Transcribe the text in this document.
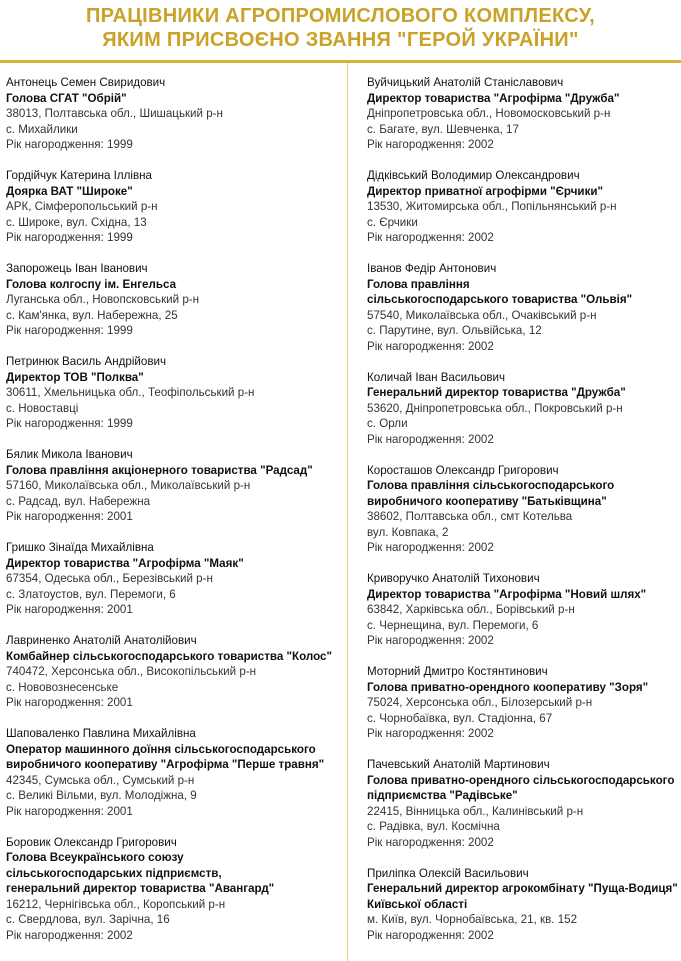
ПРАЦІВНИКИ АГРОПРОМИСЛОВОГО КОМПЛЕКСУ,
ЯКИМ ПРИСВОЄНО ЗВАННЯ "ГЕРОЙ УКРАЇНИ"
Антонець Семен Свиридович
Голова СГАТ "Обрій"
38013, Полтавська обл., Шишацький р-н
с. Михайлики
Рік нагородження: 1999
Гордійчук Катерина Іллівна
Доярка ВАТ "Широке"
АРК, Сімферопольський р-н
с. Широке, вул. Східна, 13
Рік нагородження: 1999
Запорожець Іван Іванович
Голова колгоспу ім. Енгельса
Луганська обл., Новопсковський р-н
с. Кам'янка, вул. Набережна, 25
Рік нагородження: 1999
Петринюк Василь Андрійович
Директор ТОВ "Полква"
30611, Хмельницька обл., Теофіпольський р-н
с. Новоставці
Рік нагородження: 1999
Бялик Микола Іванович
Голова правління акціонерного товариства "Радсад"
57160, Миколаївська обл., Миколаївський р-н
с. Радсад, вул. Набережна
Рік нагородження: 2001
Гришко Зінаїда Михайлівна
Директор товариства "Агрофірма "Маяк"
67354, Одеська обл., Березівський р-н
с. Златоустов, вул. Перемоги, 6
Рік нагородження: 2001
Лавриненко Анатолій Анатолійович
Комбайнер сільськогосподарського товариства "Колос"
740472, Херсонська обл., Високопільський р-н
с. Нововознесенське
Рік нагородження: 2001
Шаповаленко Павлина Михайлівна
Оператор машинного доїння сільськогосподарського
виробничого кооперативу "Агрофірма "Перше травня"
42345, Сумська обл., Сумський р-н
с. Великі Вільми, вул. Молодіжна, 9
Рік нагородження: 2001
Боровик Олександр Григорович
Голова Всеукраїнського союзу
сільськогосподарських підприємств,
генеральний директор товариства "Авангард"
16212, Чернігівська обл., Коропський р-н
с. Свердлова, вул. Зарічна, 16
Рік нагородження: 2002
Вуйчицький Анатолій Станіславович
Директор товариства "Агрофірма "Дружба"
Дніпропетровська обл., Новомосковський р-н
с. Багате, вул. Шевченка, 17
Рік нагородження: 2002
Дідківський Володимир Олександрович
Директор приватної агрофірми "Єрчики"
13530, Житомирська обл., Попільнянський р-н
с. Єрчики
Рік нагородження: 2002
Іванов Федір Антонович
Голова правління
сільськогосподарського товариства "Ольвія"
57540, Миколаївська обл., Очаківський р-н
с. Парутине, вул. Ольвійська, 12
Рік нагородження: 2002
Количай Іван Васильович
Генеральний директор товариства "Дружба"
53620, Дніпропетровська обл., Покровський р-н
с. Орли
Рік нагородження: 2002
Коросташов Олександр Григорович
Голова правління сільськогосподарського
виробничого кооперативу "Батьківщина"
38602, Полтавська обл., смт Котельва
вул. Ковпака, 2
Рік нагородження: 2002
Криворучко Анатолій Тихонович
Директор товариства "Агрофірма "Новий шлях"
63842, Харківська обл., Борівський р-н
с. Чернещина, вул. Перемоги, 6
Рік нагородження: 2002
Моторний Дмитро Костянтинович
Голова приватно-орендного кооперативу "Зоря"
75024, Херсонська обл., Білозерський р-н
с. Чорнобаївка, вул. Стадіонна, 67
Рік нагородження: 2002
Пачевський Анатолій Мартинович
Голова приватно-орендного сільськогосподарського
підприємства "Радівське"
22415, Вінницька обл., Калинівський р-н
с. Радівка, вул. Космічна
Рік нагородження: 2002
Приліпка Олексій Васильович
Генеральний директор агрокомбінату "Пуща-Водиця"
Київської області
м. Київ, вул. Чорнобаївська, 21, кв. 152
Рік нагородження: 2002
